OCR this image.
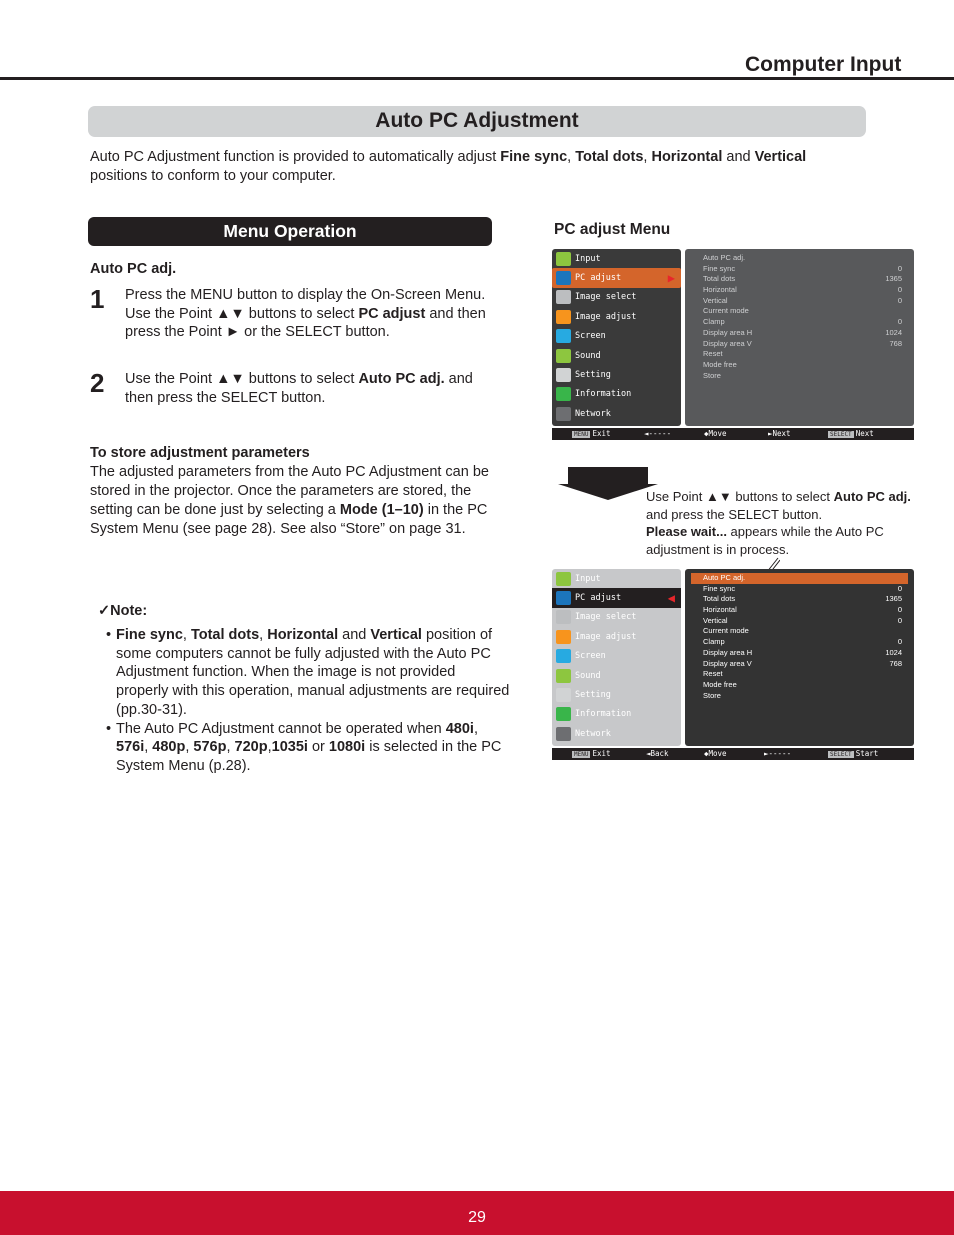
Computer Input
Auto PC Adjustment

Auto PC Adjustment function is provided to automatically adjust Fine sync, Total dots, Horizontal and Vertical
positions to conform to your computer.

Menu Operation
Auto PC adj.
1 Press the MENU button to display the On-Screen Menu. Use the Point ▲▼ buttons to select PC adjust and then press the Point ► or the SELECT button.

2 Use the Point ▲▼ buttons to select Auto PC adj. and then press the SELECT button.

To store adjustment parameters

The adjusted parameters from the Auto PC Adjustment can be stored in the projector. Once the parameters are stored, the setting can be done just by selecting a Mode (1–10) in the PC System Menu (see page 28). See also “Store” on page 31.

✓Note:
• Fine sync, Total dots, Horizontal and Vertical position of some computers cannot be fully adjusted with the Auto PC Adjustment function. When the image is not provided properly with this operation, manual adjustments are required (pp.30-31).
• The Auto PC Adjustment cannot be operated when 480i, 576i, 480p, 576p, 720p,1035i or 1080i is selected in the PC System Menu (p.28).
PC adjust Menu
Input
PC adjust	▶
Image select
Image adjust
Screen
Sound
Setting
Information
Network
Auto PC adj.
Fine sync	0
Total dots	1365
Horizontal	0
Vertical	0
Current mode
Clamp	0
Display area H	1024
Display area V	768
Reset
Mode free
Store
MENU Exit	◄-----	◆Move	►Next	SELECT Next

Use Point ▲▼ buttons to select Auto PC adj. and press the SELECT button.
Please wait... appears while the Auto PC adjustment is in process.

Input
PC adjust	◀
Image select
Image adjust
Screen
Sound
Setting
Information
Network
Auto PC adj.
Fine sync	0
Total dots	1365
Horizontal	0
Vertical	0
Current mode
Clamp	0
Display area H	1024
Display area V	768
Reset
Mode free
Store
MENU Exit	◄Back	◆Move	►-----	SELECT Start
29
